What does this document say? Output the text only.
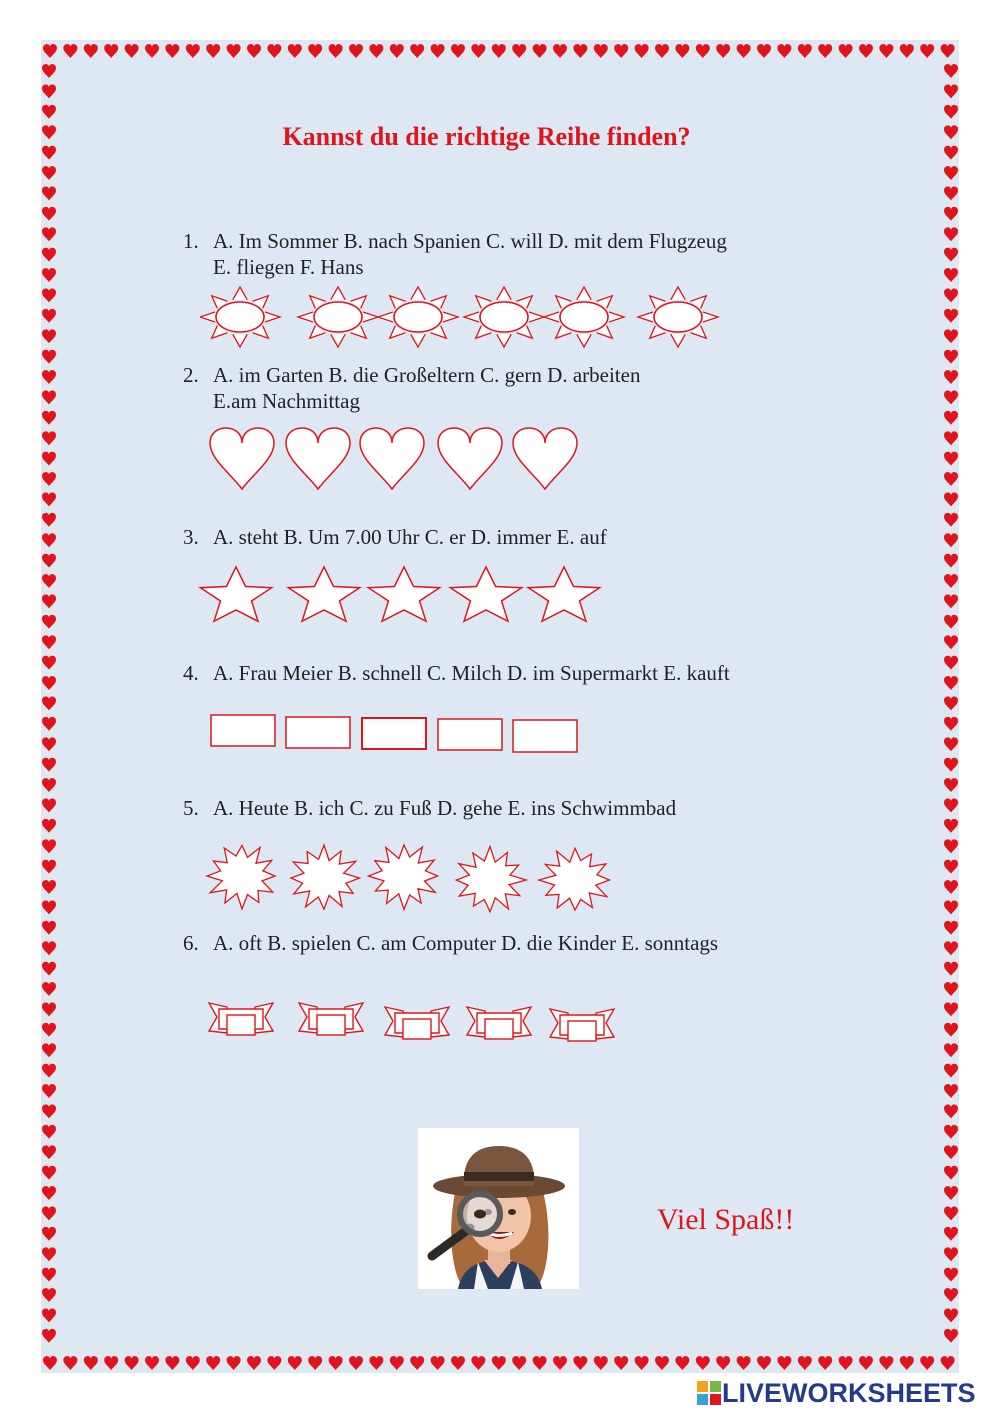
Kannst du die richtige Reihe finden?
1. A. Im Sommer B. nach Spanien C. will D. mit dem Flugzeug
E. fliegen F. Hans
2. A. im Garten B. die Großeltern C. gern D. arbeiten
E.am Nachmittag
3. A. steht B. Um 7.00 Uhr C. er D. immer E. auf
4. A. Frau Meier B. schnell C. Milch D. im Supermarkt E. kauft
5. A. Heute B. ich C. zu Fuß D. gehe E. ins Schwimmbad
6. A. oft B. spielen C. am Computer D. die Kinder E. sonntags
Viel Spaß!!
LIVEWORKSHEETS
